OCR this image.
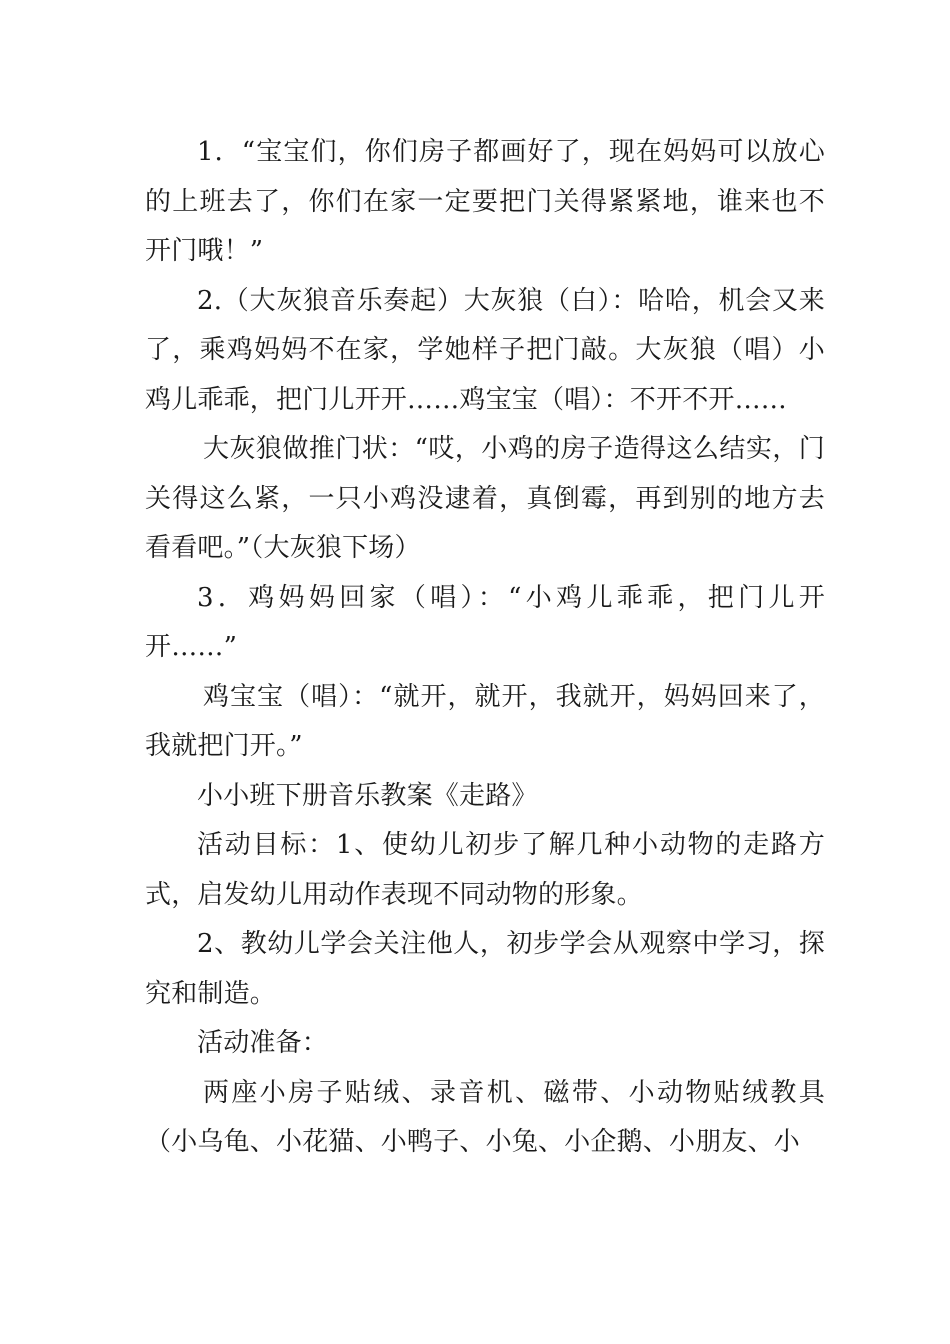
1．“宝宝们，你们房子都画好了，现在妈妈可以放心的上班去了，你们在家一定要把门关得紧紧地，谁来也不开门哦！”

2.（大灰狼音乐奏起）大灰狼（白）：哈哈，机会又来了，乘鸡妈妈不在家，学她样子把门敲。大灰狼（唱）小鸡儿乖乖，把门儿开开……鸡宝宝（唱）：不开不开……

大灰狼做推门状：“哎，小鸡的房子造得这么结实，门关得这么紧，一只小鸡没逮着，真倒霉，再到别的地方去看看吧。”（大灰狼下场）

3．鸡妈妈回家（唱）：“小鸡儿乖乖，把门儿开开……”

鸡宝宝（唱）：“就开，就开，我就开，妈妈回来了，我就把门开。”

小小班下册音乐教案《走路》

活动目标：1、使幼儿初步了解几种小动物的走路方式，启发幼儿用动作表现不同动物的形象。

2、教幼儿学会关注他人，初步学会从观察中学习，探究和制造。

活动准备：

两座小房子贴绒、录音机、磁带、小动物贴绒教具（小乌龟、小花猫、小鸭子、小兔、小企鹅、小朋友、小
